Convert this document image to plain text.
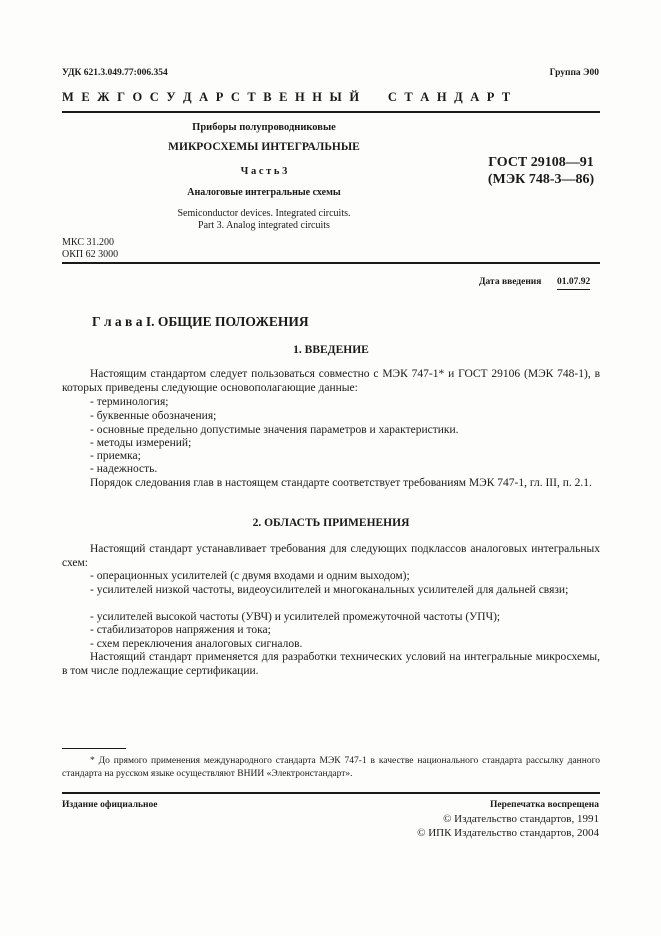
УДК 621.3.049.77:006.354	Группа Э00
М Е Ж Г О С У Д А Р С Т В Е Н Н Ы Й     С Т А Н Д А Р Т
Приборы полупроводниковые
МИКРОСХЕМЫ ИНТЕГРАЛЬНЫЕ
Ч а с т ь 3
Аналоговые интегральные схемы
Semiconductor devices. Integrated circuits.
Part 3. Analog integrated circuits
ГОСТ 29108—91
(МЭК 748-3—86)
МКС 31.200
ОКП 62 3000
Дата введения 01.07.92
Г л а в а I. ОБЩИЕ ПОЛОЖЕНИЯ
1. ВВЕДЕНИЕ

Настоящим стандартом следует пользоваться совместно с МЭК 747-1* и ГОСТ 29106 (МЭК 748-1), в которых приведены следующие основополагающие данные:

- терминология;
- буквенные обозначения;
- основные предельно допустимые значения параметров и характеристики.
- методы измерений;
- приемка;
- надежность.

Порядок следования глав в настоящем стандарте соответствует требованиям МЭК 747-1, гл. III, п. 2.1.

2. ОБЛАСТЬ ПРИМЕНЕНИЯ

Настоящий стандарт устанавливает требования для следующих подклассов аналоговых интегральных схем:

- операционных усилителей (с двумя входами и одним выходом);

- усилителей низкой частоты, видеоусилителей и многоканальных усилителей для дальней связи;

- усилителей высокой частоты (УВЧ) и усилителей промежуточной частоты (УПЧ);
- стабилизаторов напряжения и тока;
- схем переключения аналоговых сигналов.

Настоящий стандарт применяется для разработки технических условий на интегральные микросхемы, в том числе подлежащие сертификации.

* До прямого применения международного стандарта МЭК 747-1 в качестве национального стандарта рассылку данного стандарта на русском языке осуществляют ВНИИ «Электронстандарт».

Издание официальное	Перепечатка воспрещена
© Издательство стандартов, 1991
© ИПК Издательство стандартов, 2004
